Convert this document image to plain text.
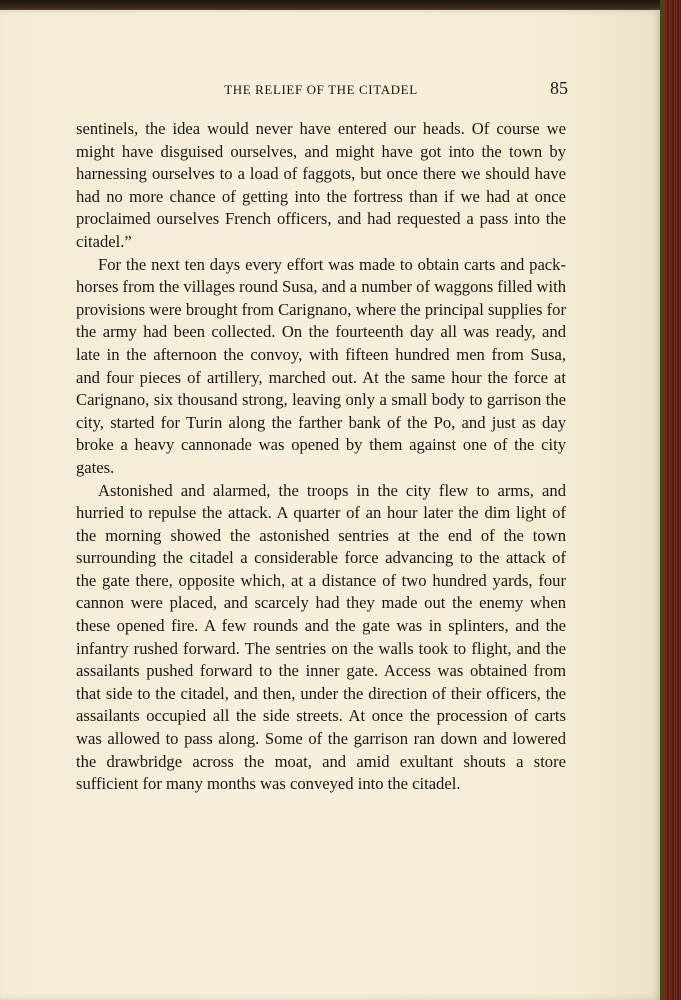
THE RELIEF OF THE CITADEL	85

sentinels, the idea would never have entered our heads. Of course we might have disguised ourselves, and might have got into the town by harnessing ourselves to a load of faggots, but once there we should have had no more chance of getting into the fortress than if we had at once proclaimed ourselves French officers, and had requested a pass into the citadel.”

For the next ten days every effort was made to obtain carts and pack-horses from the villages round Susa, and a number of waggons filled with provisions were brought from Carignano, where the principal supplies for the army had been collected. On the fourteenth day all was ready, and late in the afternoon the convoy, with fifteen hundred men from Susa, and four pieces of artillery, marched out. At the same hour the force at Carignano, six thousand strong, leaving only a small body to garrison the city, started for Turin along the farther bank of the Po, and just as day broke a heavy cannonade was opened by them against one of the city gates.

Astonished and alarmed, the troops in the city flew to arms, and hurried to repulse the attack. A quarter of an hour later the dim light of the morning showed the astonished sentries at the end of the town surrounding the citadel a considerable force advancing to the attack of the gate there, opposite which, at a distance of two hundred yards, four cannon were placed, and scarcely had they made out the enemy when these opened fire. A few rounds and the gate was in splinters, and the infantry rushed forward. The sentries on the walls took to flight, and the assailants pushed forward to the inner gate. Access was obtained from that side to the citadel, and then, under the direction of their officers, the assailants occupied all the side streets. At once the procession of carts was allowed to pass along. Some of the garrison ran down and lowered the drawbridge across the moat, and amid exultant shouts a store sufficient for many months was conveyed into the citadel.
